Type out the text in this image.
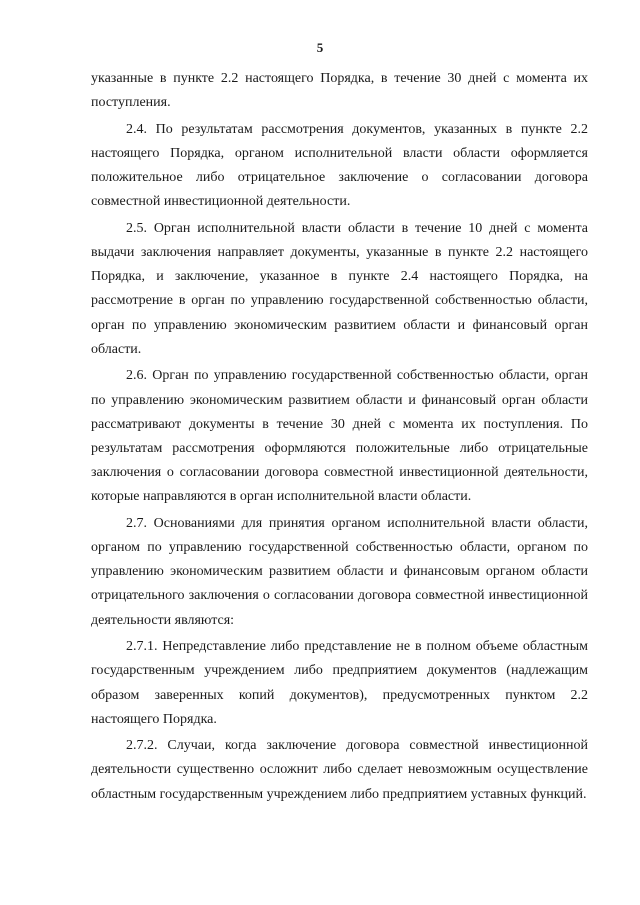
5

указанные в пункте 2.2 настоящего Порядка, в течение 30 дней с момента их поступления.

2.4. По результатам рассмотрения документов, указанных в пункте 2.2 настоящего Порядка, органом исполнительной власти области оформляется положительное либо отрицательное заключение о согласовании договора совместной инвестиционной деятельности.

2.5. Орган исполнительной власти области в течение 10 дней с момента выдачи заключения направляет документы, указанные в пункте 2.2 настоящего Порядка, и заключение, указанное в пункте 2.4 настоящего Порядка, на рассмотрение в орган по управлению государственной собственностью области, орган по управлению экономическим развитием области и финансовый орган области.

2.6. Орган по управлению государственной собственностью области, орган по управлению экономическим развитием области и финансовый орган области рассматривают документы в течение 30 дней с момента их поступления. По результатам рассмотрения оформляются положительные либо отрицательные заключения о согласовании договора совместной инвестиционной деятельности, которые направляются в орган исполнительной власти области.

2.7. Основаниями для принятия органом исполнительной власти области, органом по управлению государственной собственностью области, органом по управлению экономическим развитием области и финансовым органом области отрицательного заключения о согласовании договора совместной инвестиционной деятельности являются:

2.7.1. Непредставление либо представление не в полном объеме областным государственным учреждением либо предприятием документов (надлежащим образом заверенных копий документов), предусмотренных пунктом 2.2 настоящего Порядка.

2.7.2. Случаи, когда заключение договора совместной инвестиционной деятельности существенно осложнит либо сделает невозможным осуществление областным государственным учреждением либо предприятием уставных функций.
